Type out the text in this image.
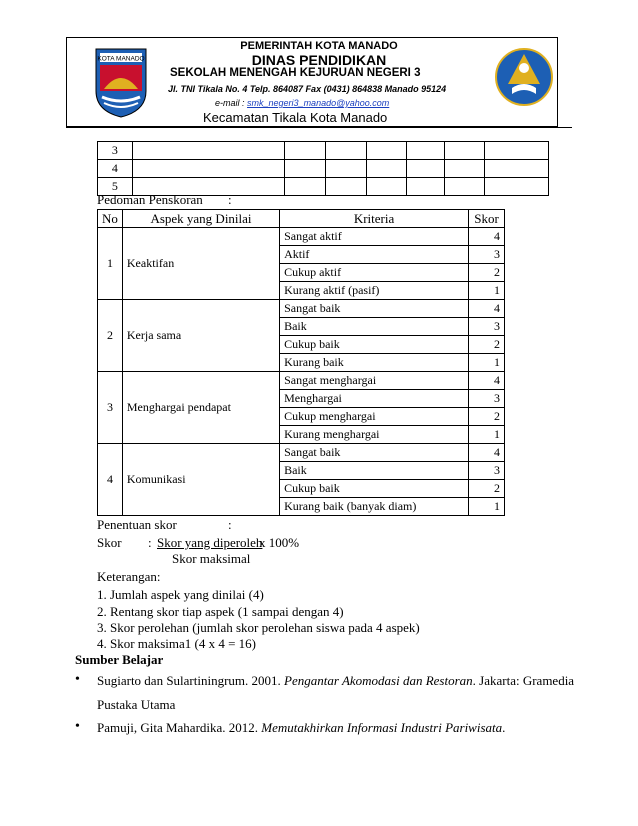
KOTA MANADO
PEMERINTAH KOTA MANADO
DINAS PENDIDIKAN
SEKOLAH MENENGAH KEJURUAN NEGERI 3
Jl. TNI Tikala No. 4 Telp. 864087 Fax (0431) 864838 Manado 95124
e-mail : smk_negeri3_manado@yahoo.com
Kecamatan Tikala Kota Manado
3							
4							
5							
Pedoman Penskoran :
No	Aspek yang Dinilai	Kriteria	Skor
1	Keaktifan	Sangat aktif	4
		Aktif	3
		Cukup aktif	2
		Kurang aktif (pasif)	1
2	Kerja sama	Sangat baik	4
		Baik	3
		Cukup baik	2
		Kurang baik	1
3	Menghargai pendapat	Sangat menghargai	4
		Menghargai	3
		Cukup menghargai	2
		Kurang menghargai	1
4	Komunikasi	Sangat baik	4
		Baik	3
		Cukup baik	2
		Kurang baik (banyak diam)	1
Penentuan skor	:
Skor : Skor yang diperoleh
x 100%
Skor maksimal
Keterangan:
1. Jumlah aspek yang dinilai (4)
2. Rentang skor tiap aspek (1 sampai dengan 4)
3. Skor perolehan (jumlah skor perolehan siswa pada 4 aspek)
4. Skor maksima1 (4 x 4 = 16)
Sumber Belajar
• Sugiarto dan Sulartiningrum. 2001. Pengantar Akomodasi dan Restoran. Jakarta: Gramedia
Pustaka Utama
• Pamuji, Gita Mahardika. 2012. Memutakhirkan Informasi Industri Pariwisata.
